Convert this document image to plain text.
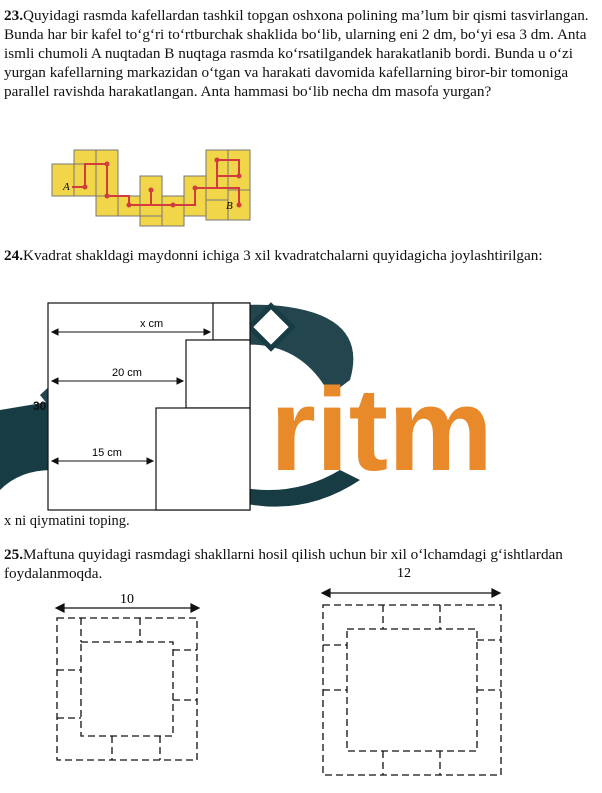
ritm

23.Quyidagi rasmda kafellardan tashkil topgan oshxona polining ma’lum bir qismi tasvirlangan. Bunda har bir kafel to‘g‘ri to‘rtburchak shaklida bo‘lib, ularning eni 2 dm, bo‘yi esa 3 dm. Anta ismli chumoli A nuqtadan B nuqtaga rasmda ko‘rsatilgandek harakatlanib bordi. Bunda u o‘zi yurgan kafellarning markazidan o‘tgan va harakati davomida kafellarning biror-bir tomoniga parallel ravishda harakatlangan. Anta hammasi bo‘lib necha dm masofa yurgan?

A
B

24.Kvadrat shakldagi maydonni ichiga 3 xil kvadratchalarni quyidagicha joylashtirilgan:

x cm
20 cm
15 cm
30

x ni qiymatini toping.

25.Maftuna quyidagi rasmdagi shakllarni hosil qilish uchun bir xil o‘lchamdagi g‘ishtlardan foydalanmoqda.

10
12
